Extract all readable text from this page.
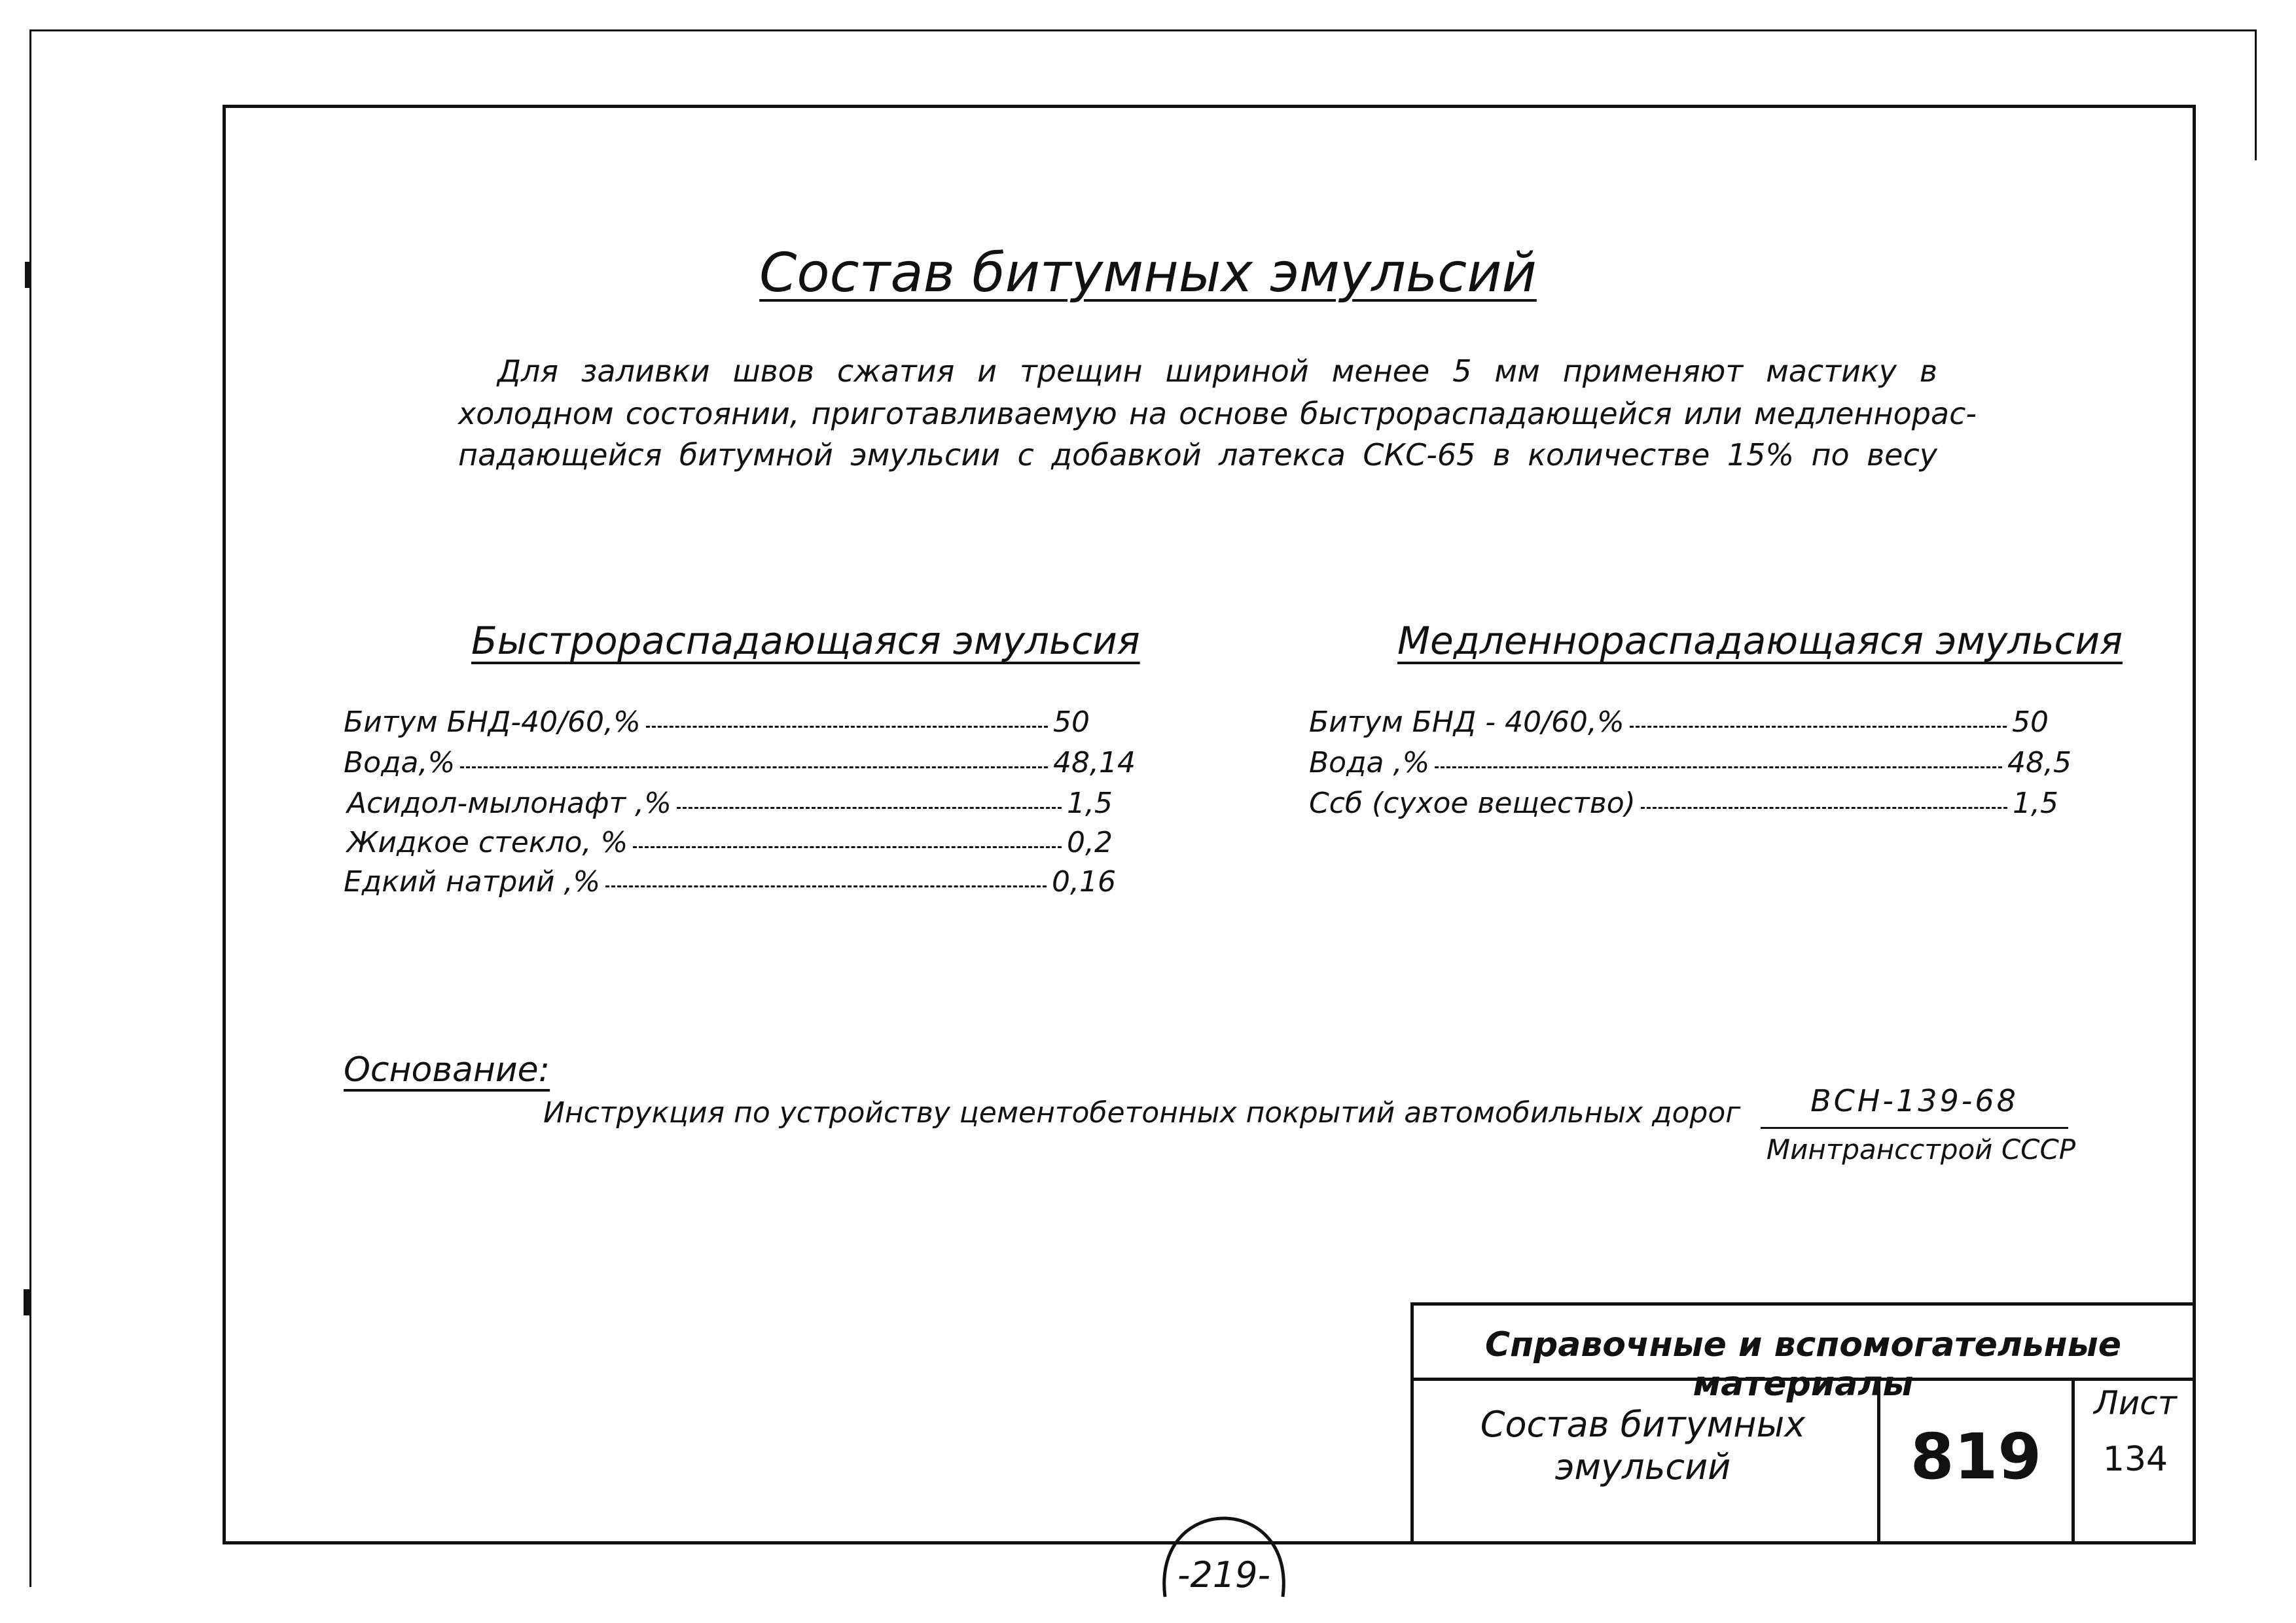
Состав битумных эмульсий
Для заливки швов сжатия и трещин шириной менее 5 мм применяют мастику в
холодном состоянии, приготавливаемую на основе быстрораспадающейся или медленнорас-
падающейся битумной эмульсии с добавкой латекса СКС-65 в количестве 15% по весу
Быстрораспадающаяся эмульсия
Битум БНД-40/60,%	50
Вода,%	48,14
Асидол-мылонафт ,%	1,5
Жидкое стекло, %	0,2
Едкий натрий ,%	0,16
Медленнораспадающаяся эмульсия
Битум БНД - 40/60,%	50
Вода ,%	48,5
Ссб (сухое вещество)	1,5
Основание:
Инструкция по устройству цементобетонных покрытий автомобильных дорог	ВСН-139-68
Минтрансстрой СССР
Справочные и вспомогательные материалы
Состав битумных
эмульсий	819
Лист
134
-219-
